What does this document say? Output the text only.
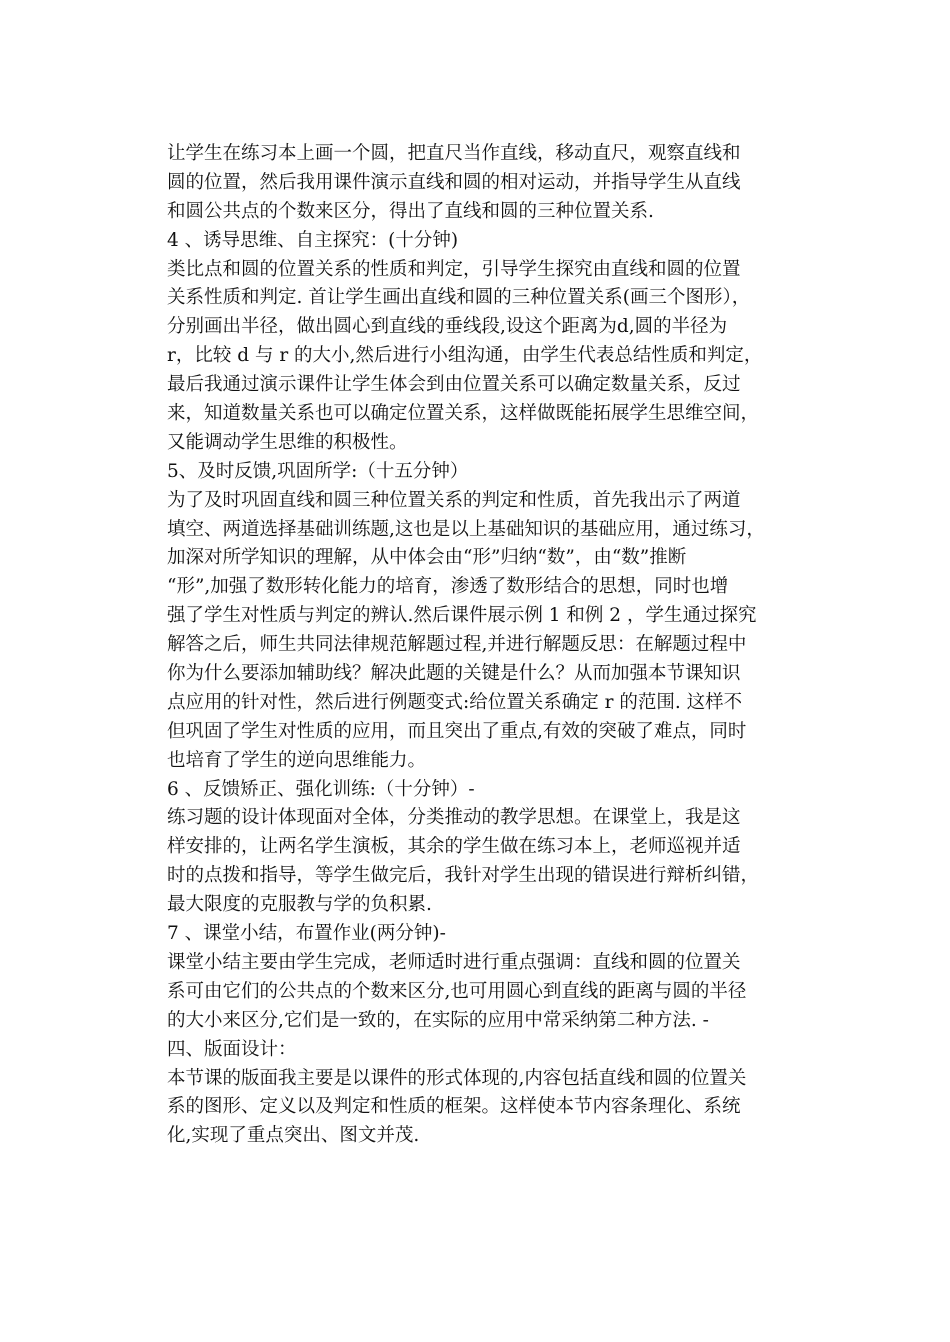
让学生在练习本上画一个圆，把直尺当作直线，移动直尺，观察直线和
圆的位置，然后我用课件演示直线和圆的相对运动，并指导学生从直线
和圆公共点的个数来区分，得出了直线和圆的三种位置关系.
4 、诱导思维、自主探究：(十分钟)
类比点和圆的位置关系的性质和判定，引导学生探究由直线和圆的位置
关系性质和判定. 首让学生画出直线和圆的三种位置关系(画三个图形），
分别画出半径，做出圆心到直线的垂线段,设这个距离为d,圆的半径为
r，比较 d 与 r 的大小,然后进行小组沟通，由学生代表总结性质和判定，
最后我通过演示课件让学生体会到由位置关系可以确定数量关系，反过
来，知道数量关系也可以确定位置关系，这样做既能拓展学生思维空间，
又能调动学生思维的积极性。
5、及时反馈,巩固所学:（十五分钟）
为了及时巩固直线和圆三种位置关系的判定和性质，首先我出示了两道
填空、两道选择基础训练题,这也是以上基础知识的基础应用，通过练习，
加深对所学知识的理解，从中体会由“形”归纳“数”，由“数”推断
“形”,加强了数形转化能力的培育，渗透了数形结合的思想，同时也增
强了学生对性质与判定的辨认.然后课件展示例 1 和例 2 ，学生通过探究
解答之后，师生共同法律规范解题过程,并进行解题反思：在解题过程中
你为什么要添加辅助线？解决此题的关键是什么？从而加强本节课知识
点应用的针对性，然后进行例题变式:给位置关系确定 r 的范围. 这样不
但巩固了学生对性质的应用，而且突出了重点,有效的突破了难点，同时
也培育了学生的逆向思维能力。
6 、反馈矫正、强化训练:（十分钟）-
练习题的设计体现面对全体，分类推动的教学思想。在课堂上，我是这
样安排的，让两名学生演板，其余的学生做在练习本上，老师巡视并适
时的点拨和指导，等学生做完后，我针对学生出现的错误进行辩析纠错，
最大限度的克服教与学的负积累.
7 、课堂小结，布置作业(两分钟)-
课堂小结主要由学生完成，老师适时进行重点强调：直线和圆的位置关
系可由它们的公共点的个数来区分,也可用圆心到直线的距离与圆的半径
的大小来区分,它们是一致的，在实际的应用中常采纳第二种方法. -
四、版面设计：
本节课的版面我主要是以课件的形式体现的,内容包括直线和圆的位置关
系的图形、定义以及判定和性质的框架。这样使本节内容条理化、系统
化,实现了重点突出、图文并茂.
